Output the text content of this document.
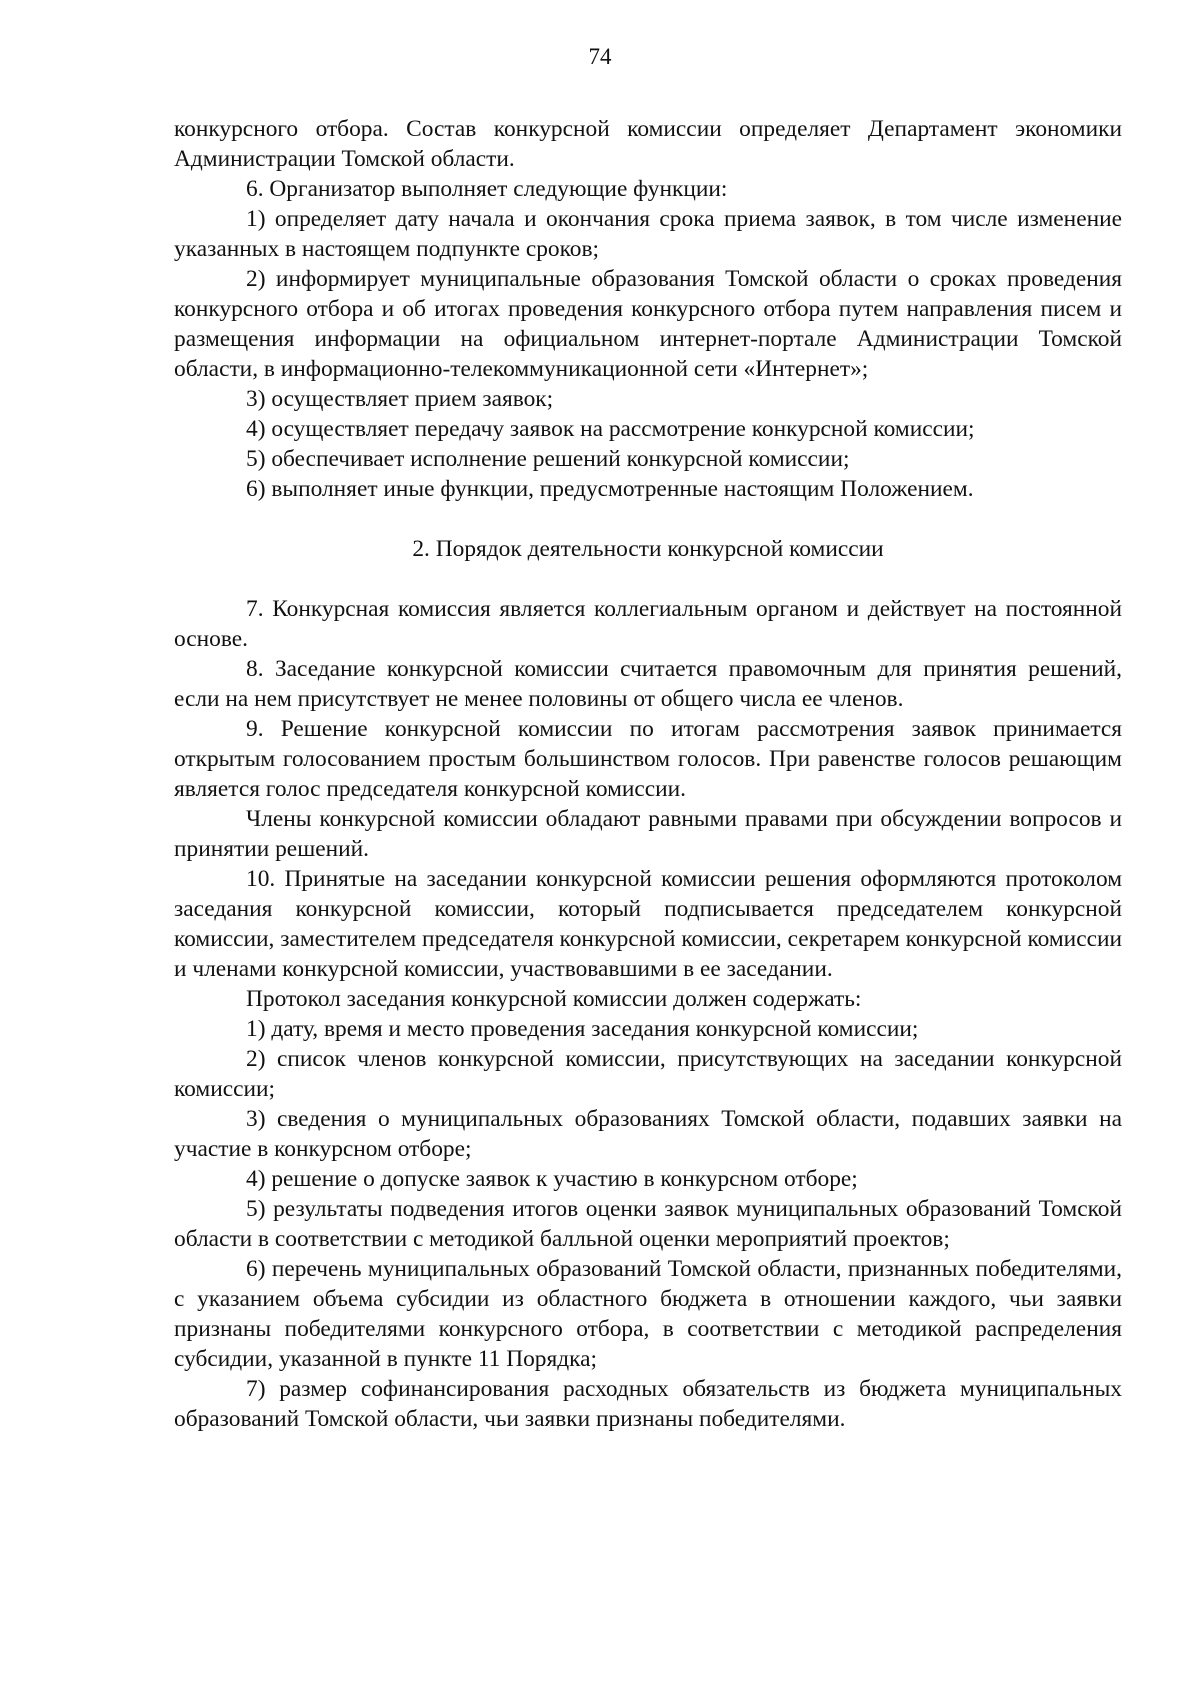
74

конкурсного отбора. Состав конкурсной комиссии определяет Департамент экономики Администрации Томской области.

6. Организатор выполняет следующие функции:

1) определяет дату начала и окончания срока приема заявок, в том числе изменение указанных в настоящем подпункте сроков;

2) информирует муниципальные образования Томской области о сроках проведения конкурсного отбора и об итогах проведения конкурсного отбора путем направления писем и размещения информации на официальном интернет-портале Администрации Томской области, в информационно-телекоммуникационной сети «Интернет»;

3) осуществляет прием заявок;

4) осуществляет передачу заявок на рассмотрение конкурсной комиссии;

5) обеспечивает исполнение решений конкурсной комиссии;

6) выполняет иные функции, предусмотренные настоящим Положением.

2. Порядок деятельности конкурсной комиссии

7. Конкурсная комиссия является коллегиальным органом и действует на постоянной основе.

8. Заседание конкурсной комиссии считается правомочным для принятия решений, если на нем присутствует не менее половины от общего числа ее членов.

9. Решение конкурсной комиссии по итогам рассмотрения заявок принимается открытым голосованием простым большинством голосов. При равенстве голосов решающим является голос председателя конкурсной комиссии.

Члены конкурсной комиссии обладают равными правами при обсуждении вопросов и принятии решений.

10. Принятые на заседании конкурсной комиссии решения оформляются протоколом заседания конкурсной комиссии, который подписывается председателем конкурсной комиссии, заместителем председателя конкурсной комиссии, секретарем конкурсной комиссии и членами конкурсной комиссии, участвовавшими в ее заседании.

Протокол заседания конкурсной комиссии должен содержать:

1) дату, время и место проведения заседания конкурсной комиссии;

2) список членов конкурсной комиссии, присутствующих на заседании конкурсной комиссии;

3) сведения о муниципальных образованиях Томской области, подавших заявки на участие в конкурсном отборе;

4) решение о допуске заявок к участию в конкурсном отборе;

5) результаты подведения итогов оценки заявок муниципальных образований Томской области в соответствии с методикой балльной оценки мероприятий проектов;

6) перечень муниципальных образований Томской области, признанных победителями, с указанием объема субсидии из областного бюджета в отношении каждого, чьи заявки признаны победителями конкурсного отбора, в соответствии с методикой распределения субсидии, указанной в пункте 11 Порядка;

7) размер софинансирования расходных обязательств из бюджета муниципальных образований Томской области, чьи заявки признаны победителями.
